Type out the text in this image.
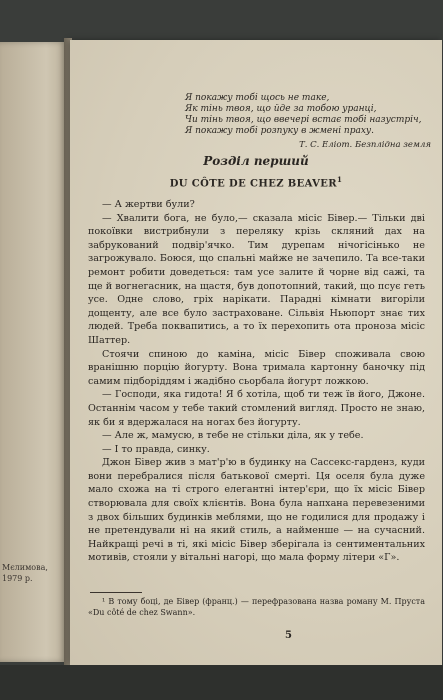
Мєлимова,
1979 р.
Я покажу тобі щось не таке,
Як тінь твоя, що йде за тобою уранці,
Чи тінь твоя, що ввечері встає тобі назустріч,
Я покажу тобі розпуку в жмені праху.
Т. С. Еліот. Безплідна земля
Розділ перший
DU CÔTE DE CHEZ BEAVER$^1$

— А жертви були?

— Хвалити бога, не було,— сказала місіс Бівер.— Тільки дві покоївки вистрибнули з переляку крізь скляний дах на забрукований подвір'ячко. Тим дурепам нічогісінько не загрожувало. Боюся, що спальні майже не зачепило. Та все-таки ремонт робити доведеться: там усе залите й чорне від сажі, та ще й вогнегасник, на щастя, був допотопний, такий, що псує геть усе. Одне слово, гріх нарікати. Парадні кімнати вигоріли дощенту, але все було застраховане. Сільвія Ньюпорт знає тих людей. Треба поквапитись, а то їх перехопить ота проноза місіс Шаттер.

Стоячи спиною до каміна, місіс Бівер споживала свою вранішню порцію йогурту. Вона тримала картонну баночку під самим підборіддям і жадібно сьорбала йогурт ложкою.

— Господи, яка гидота! Я б хотіла, щоб ти теж їв його, Джоне. Останнім часом у тебе такий стомлений вигляд. Просто не знаю, як би я вдержалася на ногах без йогурту.

— Але ж, мамусю, в тебе не стільки діла, як у тебе.

— І то правда, синку.

Джон Бівер жив з мат'р'ю в будинку на Сассекс-гарденз, куди вони перебралися після батькової смерті. Ця оселя була дуже мало схожа на ті строго елегантні інтер'єри, що їх місіс Бівер створювала для своїх клієнтів. Вона була напхана перевезеними з двох більших будинків меблями, що не годилися для продажу і не претендували ні на який стиль, а найменше — на сучасний. Найкращі речі в ті, які місіс Бівер зберігала із сентиментальних мотивів, стояли у вітальні нагорі, що мала форму літери «Г».

¹ В тому боці, де Бівер (франц.) — перефразована назва роману М. Пруста «Du côté de chez Swann».

5
